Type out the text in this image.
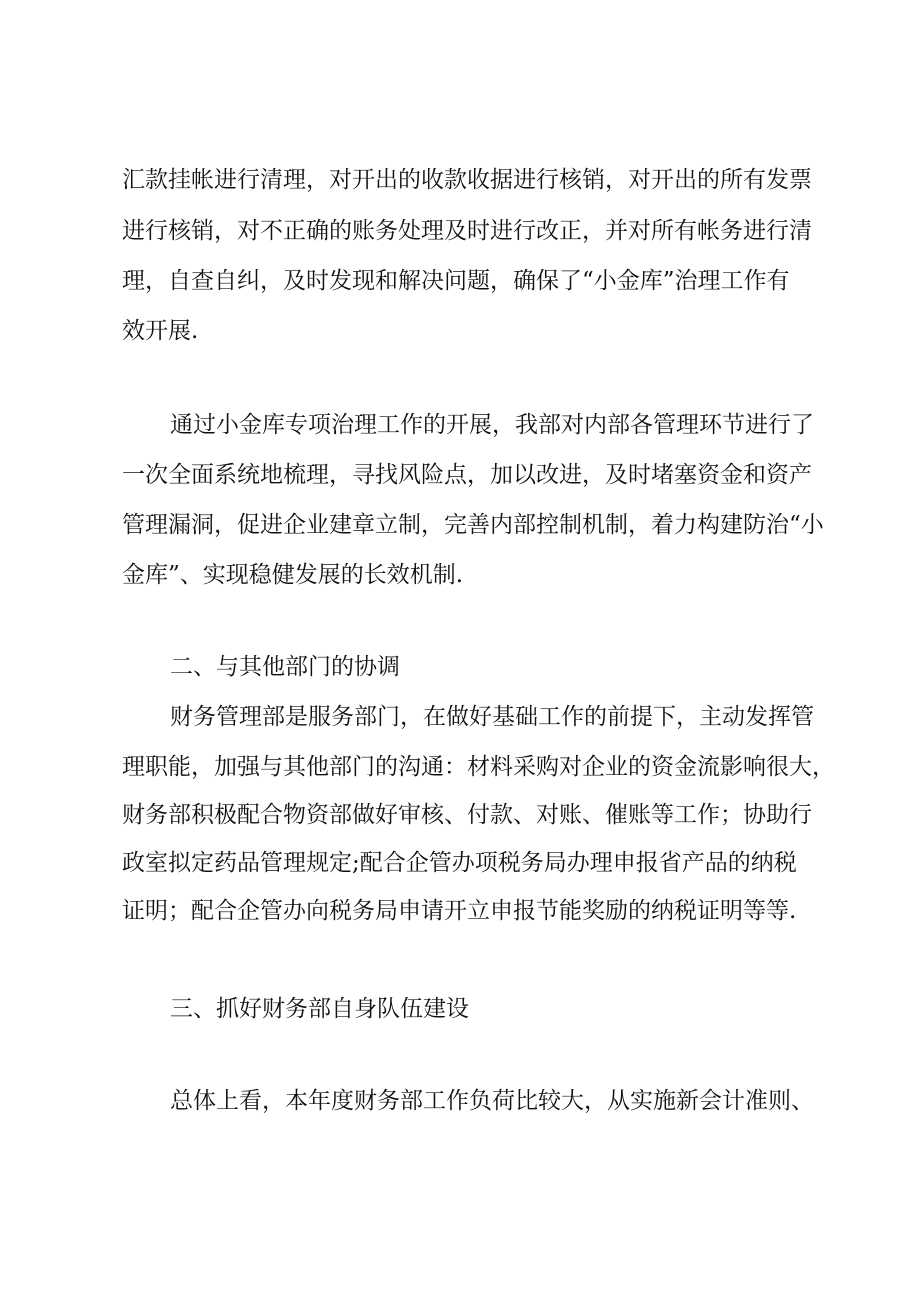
汇款挂帐进行清理，对开出的收款收据进行核销，对开出的所有发票

进行核销，对不正确的账务处理及时进行改正，并对所有帐务进行清

理，自查自纠，及时发现和解决问题，确保了“小金库”治理工作有

效开展.

通过小金库专项治理工作的开展，我部对内部各管理环节进行了

一次全面系统地梳理，寻找风险点，加以改进，及时堵塞资金和资产

管理漏洞，促进企业建章立制，完善内部控制机制，着力构建防治“小

金库”、实现稳健发展的长效机制.

二、与其他部门的协调

财务管理部是服务部门，在做好基础工作的前提下，主动发挥管

理职能，加强与其他部门的沟通：材料采购对企业的资金流影响很大，

财务部积极配合物资部做好审核、付款、对账、催账等工作；协助行

政室拟定药品管理规定;配合企管办项税务局办理申报省产品的纳税

证明；配合企管办向税务局申请开立申报节能奖励的纳税证明等等.

三、抓好财务部自身队伍建设

总体上看，本年度财务部工作负荷比较大，从实施新会计准则、
